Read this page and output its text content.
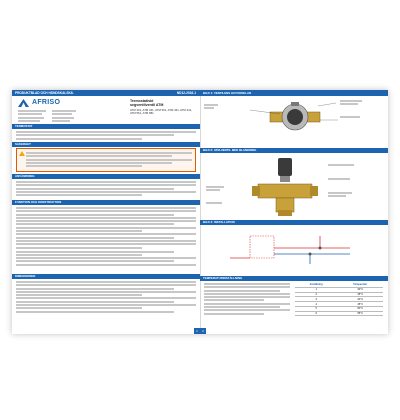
PRODUKTBLAD OCH HÄNDSKALSKIL	ND12-2016-1
AFRISO	Termostatiskt
segventilventil ATM
ATM 331, ATM 341, ATM 361, ATM 431, ATM 441, ATM 561, ATM 881
TERMOSTAT
SÄKERHET
ANVÄNDNING
FUNKTION OCH KONSTRUKTION
DIMENSIONER
1
BILD 1: VENTILENS HUVUDDELAR
BILD 2: ATM-VENTIL MED BLANDNING
BILD 3: INSTALLATION
TEMPERATURINSTÄLLNING
Inställning	Temperatur
1	30°C
2	35°C
3	40°C
4	45°C
5	50°C
6	55°C
2
